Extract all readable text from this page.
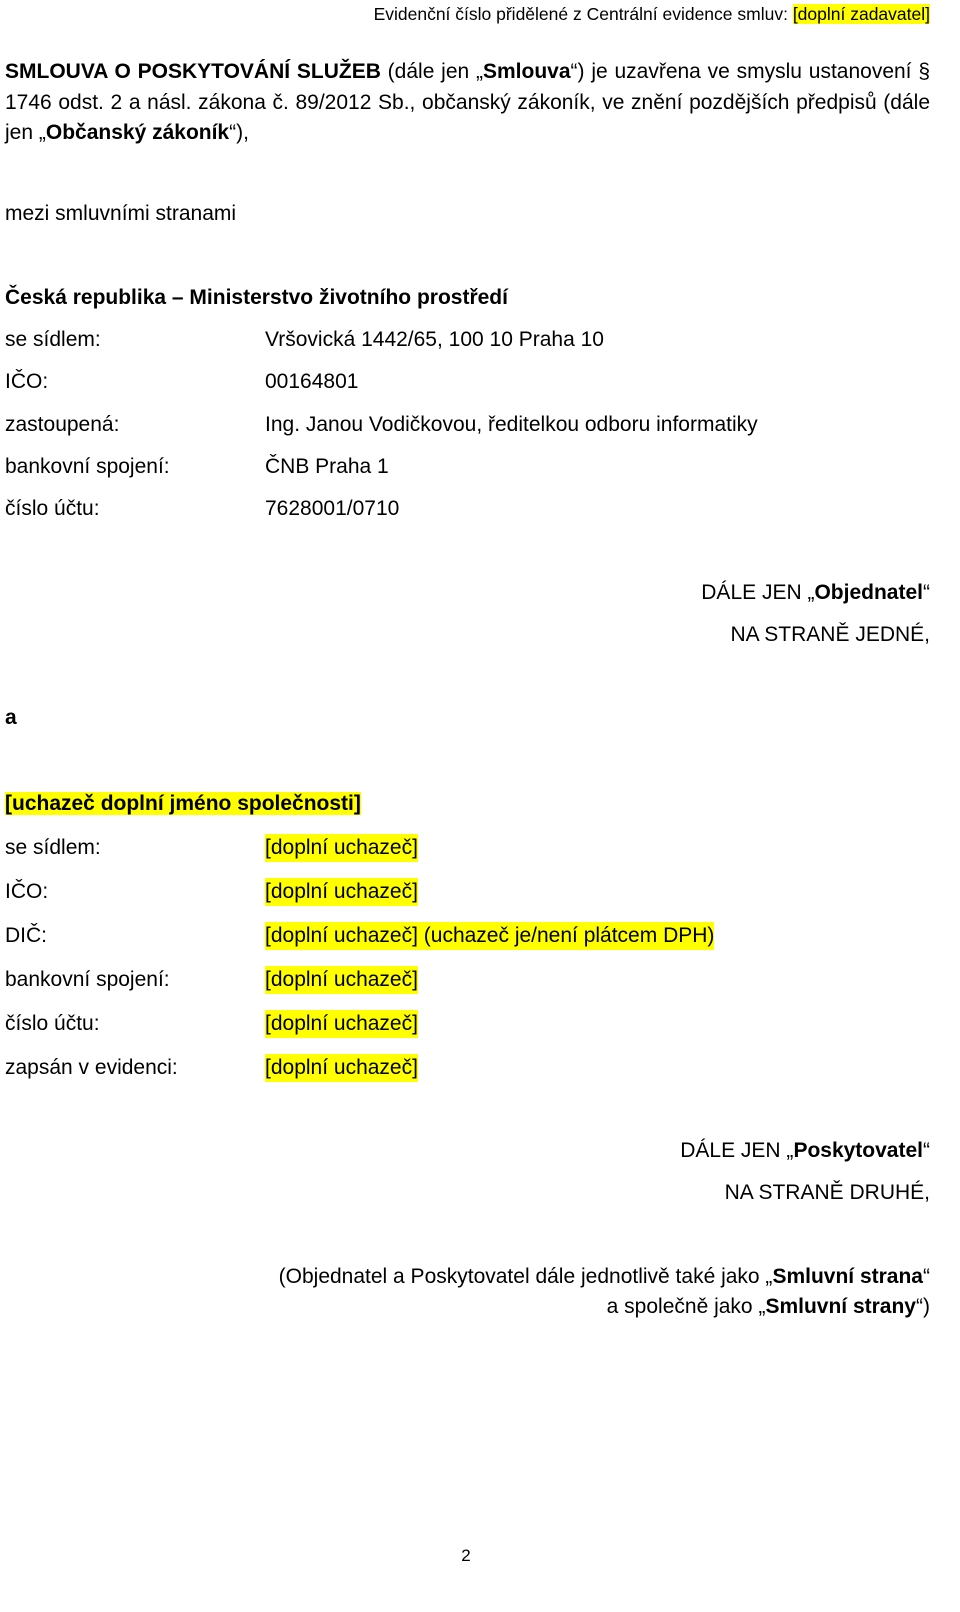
Evidenční číslo přidělené z Centrální evidence smluv: [doplní zadavatel]
SMLOUVA O POSKYTOVÁNÍ SLUŽEB (dále jen „Smlouva“) je uzavřena ve smyslu ustanovení § 1746 odst. 2 a násl. zákona č. 89/2012 Sb., občanský zákoník, ve znění pozdějších předpisů (dále jen „Občanský zákoník“),
mezi smluvními stranami
Česká republika – Ministerstvo životního prostředí
se sídlem:	Vršovická 1442/65, 100 10 Praha 10
IČO:	00164801
zastoupená:	Ing. Janou Vodičkovou, ředitelkou odboru informatiky
bankovní spojení:	ČNB Praha 1
číslo účtu:	7628001/0710
DÁLE JEN „Objednatel“
NA STRANĚ JEDNÉ,
a
[uchazeč doplní jméno společnosti]
se sídlem:	[doplní uchazeč]
IČO:	[doplní uchazeč]
DIČ:	[doplní uchazeč] (uchazeč je/není plátcem DPH)
bankovní spojení:	[doplní uchazeč]
číslo účtu:	[doplní uchazeč]
zapsán v evidenci:	[doplní uchazeč]
DÁLE JEN „Poskytovatel“
NA STRANĚ DRUHÉ,
(Objednatel a Poskytovatel dále jednotlivě také jako „Smluvní strana“
a společně jako „Smluvní strany“)
2
